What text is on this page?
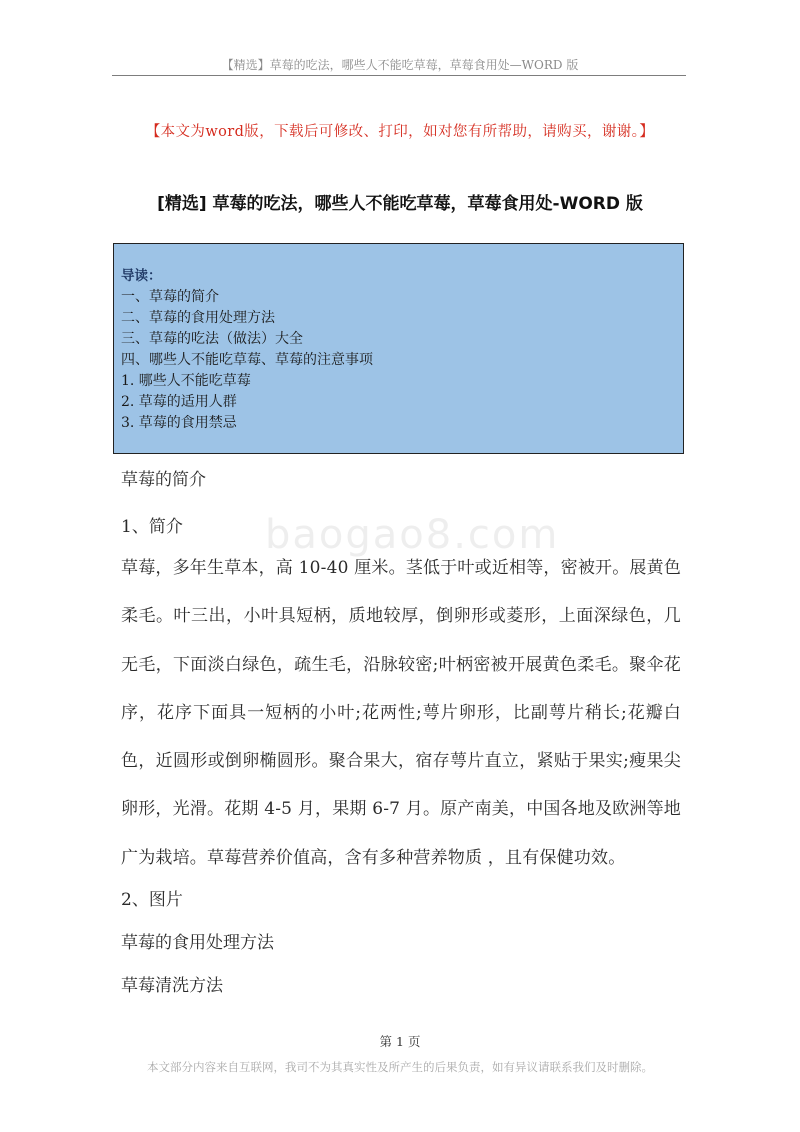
【精选】草莓的吃法，哪些人不能吃草莓，草莓食用处—WORD 版
【本文为word版，下载后可修改、打印，如对您有所帮助，请购买，谢谢。】
[精选] 草莓的吃法，哪些人不能吃草莓，草莓食用处-WORD 版
导读：
一、草莓的简介
二、草莓的食用处理方法
三、草莓的吃法（做法）大全
四、哪些人不能吃草莓、草莓的注意事项
1. 哪些人不能吃草莓
2. 草莓的适用人群
3. 草莓的食用禁忌
baogao8.com
草莓的简介
1、简介
草莓，多年生草本，高 10-40 厘米。茎低于叶或近相等，密被开。展黄色柔毛。叶三出，小叶具短柄，质地较厚，倒卵形或菱形，上面深绿色，几无毛，下面淡白绿色，疏生毛，沿脉较密;叶柄密被开展黄色柔毛。聚伞花序，花序下面具一短柄的小叶;花两性;萼片卵形，比副萼片稍长;花瓣白色，近圆形或倒卵椭圆形。聚合果大，宿存萼片直立，紧贴于果实;瘦果尖卵形，光滑。花期 4-5 月，果期 6-7 月。原产南美，中国各地及欧洲等地广为栽培。草莓营养价值高，含有多种营养物质 ，且有保健功效。
2、图片
草莓的食用处理方法
草莓清洗方法
第 1 页
本文部分内容来自互联网，我司不为其真实性及所产生的后果负责，如有异议请联系我们及时删除。
